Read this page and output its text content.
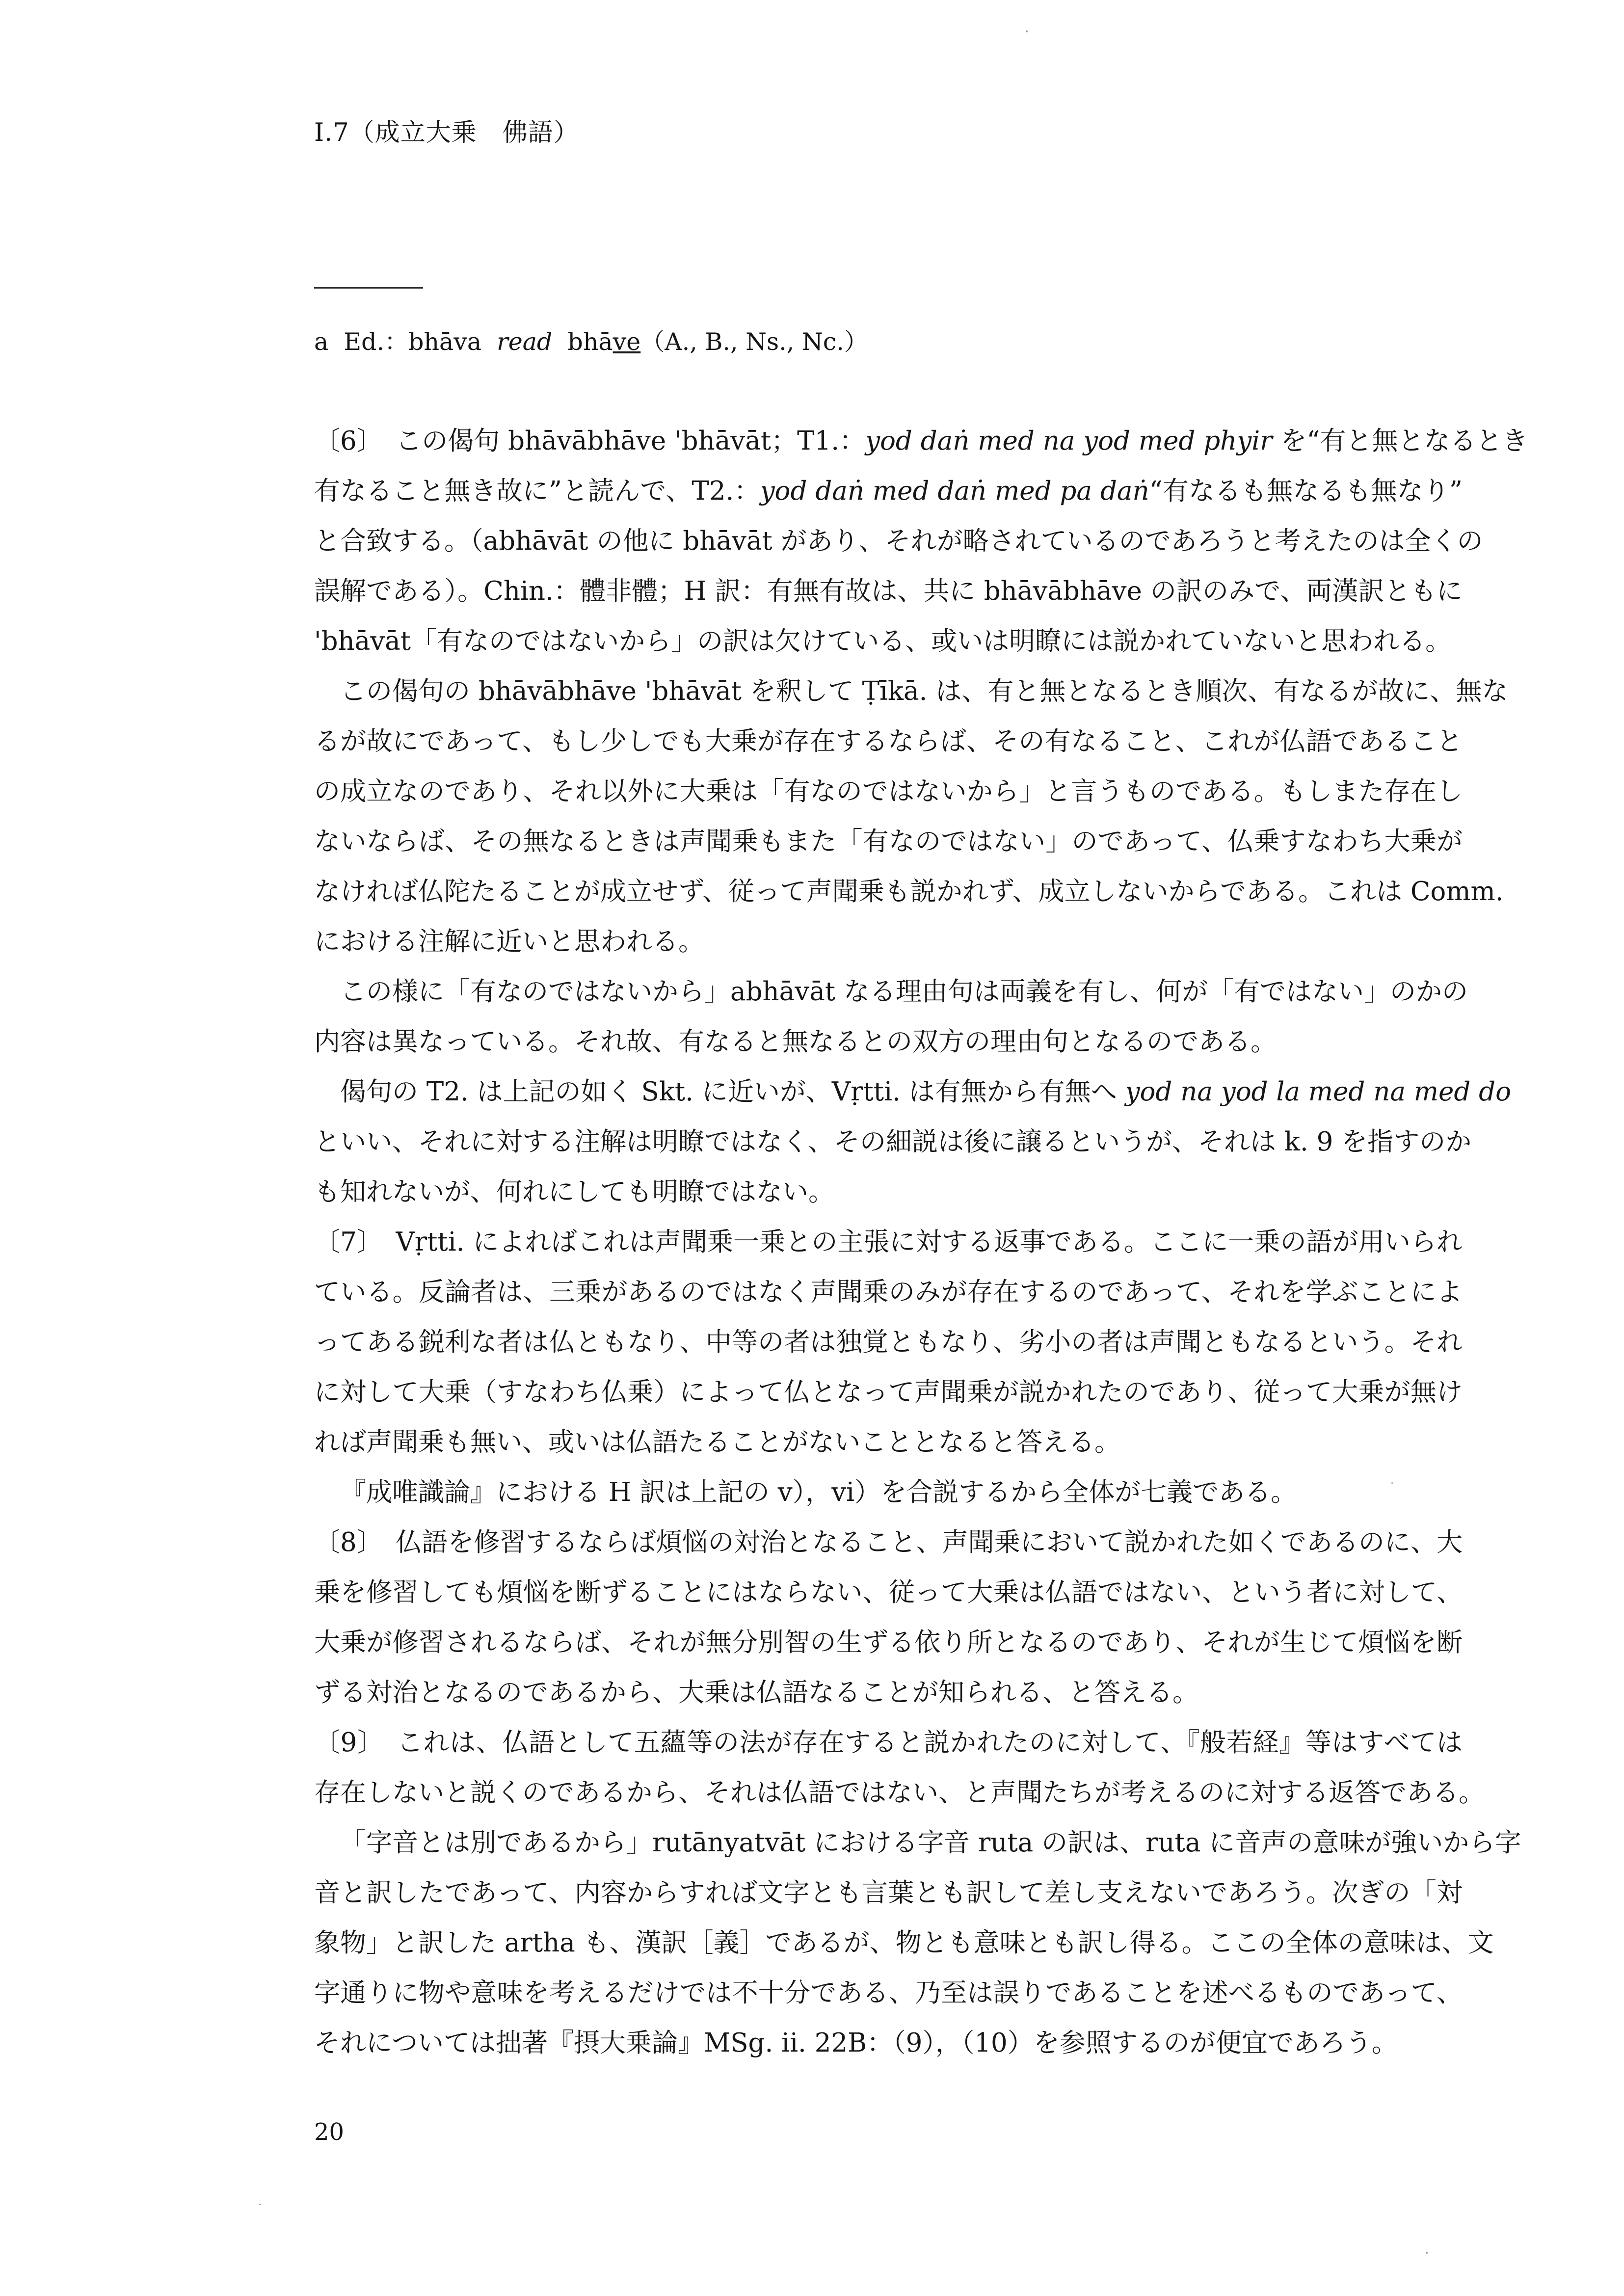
I.7（成立大乗　佛語）
a Ed.：bhāva read bhāve（A., B., Ns., Nc.）
〔6〕　この偈句 bhāvābhāve 'bhāvāt；T1.：yod daṅ med na yod med phyir を“有と無となるとき
有なること無き故に”と読んで、T2.：yod daṅ med daṅ med pa daṅ“有なるも無なるも無なり”
と合致する。（abhāvāt の他に bhāvāt があり、それが略されているのであろうと考えたのは全くの
誤解である）。Chin.：體非體；H 訳：有無有故は、共に bhāvābhāve の訳のみで、両漢訳ともに
'bhāvāt「有なのではないから」の訳は欠けている、或いは明瞭には説かれていないと思われる。
この偈句の bhāvābhāve 'bhāvāt を釈して Ṭīkā. は、有と無となるとき順次、有なるが故に、無な
るが故にであって、もし少しでも大乗が存在するならば、その有なること、これが仏語であること
の成立なのであり、それ以外に大乗は「有なのではないから」と言うものである。もしまた存在し
ないならば、その無なるときは声聞乗もまた「有なのではない」のであって、仏乗すなわち大乗が
なければ仏陀たることが成立せず、従って声聞乗も説かれず、成立しないからである。これは Comm.
における注解に近いと思われる。
この様に「有なのではないから」abhāvāt なる理由句は両義を有し、何が「有ではない」のかの
内容は異なっている。それ故、有なると無なるとの双方の理由句となるのである。
偈句の T2. は上記の如く Skt. に近いが、Vṛtti. は有無から有無へ yod na yod la med na med do
といい、それに対する注解は明瞭ではなく、その細説は後に譲るというが、それは k. 9 を指すのか
も知れないが、何れにしても明瞭ではない。
〔7〕　Vṛtti. によればこれは声聞乗一乗との主張に対する返事である。ここに一乗の語が用いられ
ている。反論者は、三乗があるのではなく声聞乗のみが存在するのであって、それを学ぶことによ
ってある鋭利な者は仏ともなり、中等の者は独覚ともなり、劣小の者は声聞ともなるという。それ
に対して大乗（すなわち仏乗）によって仏となって声聞乗が説かれたのであり、従って大乗が無け
れば声聞乗も無い、或いは仏語たることがないこととなると答える。
『成唯識論』における H 訳は上記の v），vi）を合説するから全体が七義である。
〔8〕　仏語を修習するならば煩悩の対治となること、声聞乗において説かれた如くであるのに、大
乗を修習しても煩悩を断ずることにはならない、従って大乗は仏語ではない、という者に対して、
大乗が修習されるならば、それが無分別智の生ずる依り所となるのであり、それが生じて煩悩を断
ずる対治となるのであるから、大乗は仏語なることが知られる、と答える。
〔9〕　これは、仏語として五蘊等の法が存在すると説かれたのに対して、『般若経』等はすべては
存在しないと説くのであるから、それは仏語ではない、と声聞たちが考えるのに対する返答である。
「字音とは別であるから」rutānyatvāt における字音 ruta の訳は、ruta に音声の意味が強いから字
音と訳したであって、内容からすれば文字とも言葉とも訳して差し支えないであろう。次ぎの「対
象物」と訳した artha も、漢訳［義］であるが、物とも意味とも訳し得る。ここの全体の意味は、文
字通りに物や意味を考えるだけでは不十分である、乃至は誤りであることを述べるものであって、
それについては拙著『摂大乗論』MSg. ii. 22B：（9），（10）を参照するのが便宜であろう。
20
